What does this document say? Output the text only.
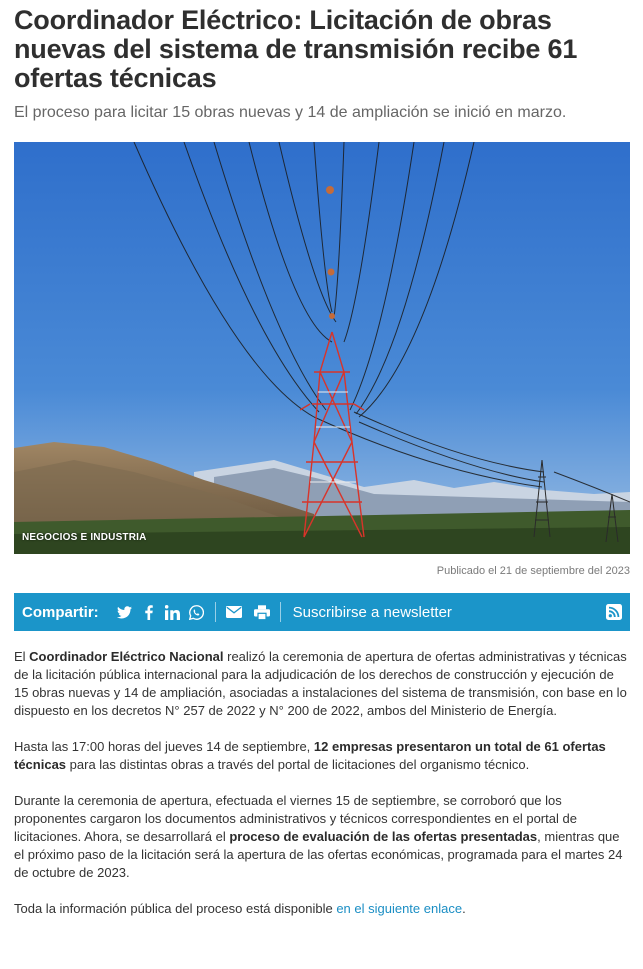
Coordinador Eléctrico: Licitación de obras nuevas del sistema de transmisión recibe 61 ofertas técnicas

El proceso para licitar 15 obras nuevas y 14 de ampliación se inició en marzo.

NEGOCIOS E INDUSTRIA
Publicado el 21 de septiembre del 2023
Compartir:	Suscribirse a newsletter

El Coordinador Eléctrico Nacional realizó la ceremonia de apertura de ofertas administrativas y técnicas de la licitación pública internacional para la adjudicación de los derechos de construcción y ejecución de 15 obras nuevas y 14 de ampliación, asociadas a instalaciones del sistema de transmisión, con base en lo dispuesto en los decretos N° 257 de 2022 y N° 200 de 2022, ambos del Ministerio de Energía.

Hasta las 17:00 horas del jueves 14 de septiembre, 12 empresas presentaron un total de 61 ofertas técnicas para las distintas obras a través del portal de licitaciones del organismo técnico.

Durante la ceremonia de apertura, efectuada el viernes 15 de septiembre, se corroboró que los proponentes cargaron los documentos administrativos y técnicos correspondientes en el portal de licitaciones. Ahora, se desarrollará el proceso de evaluación de las ofertas presentadas, mientras que el próximo paso de la licitación será la apertura de las ofertas económicas, programada para el martes 24 de octubre de 2023.

Toda la información pública del proceso está disponible en el siguiente enlace.
